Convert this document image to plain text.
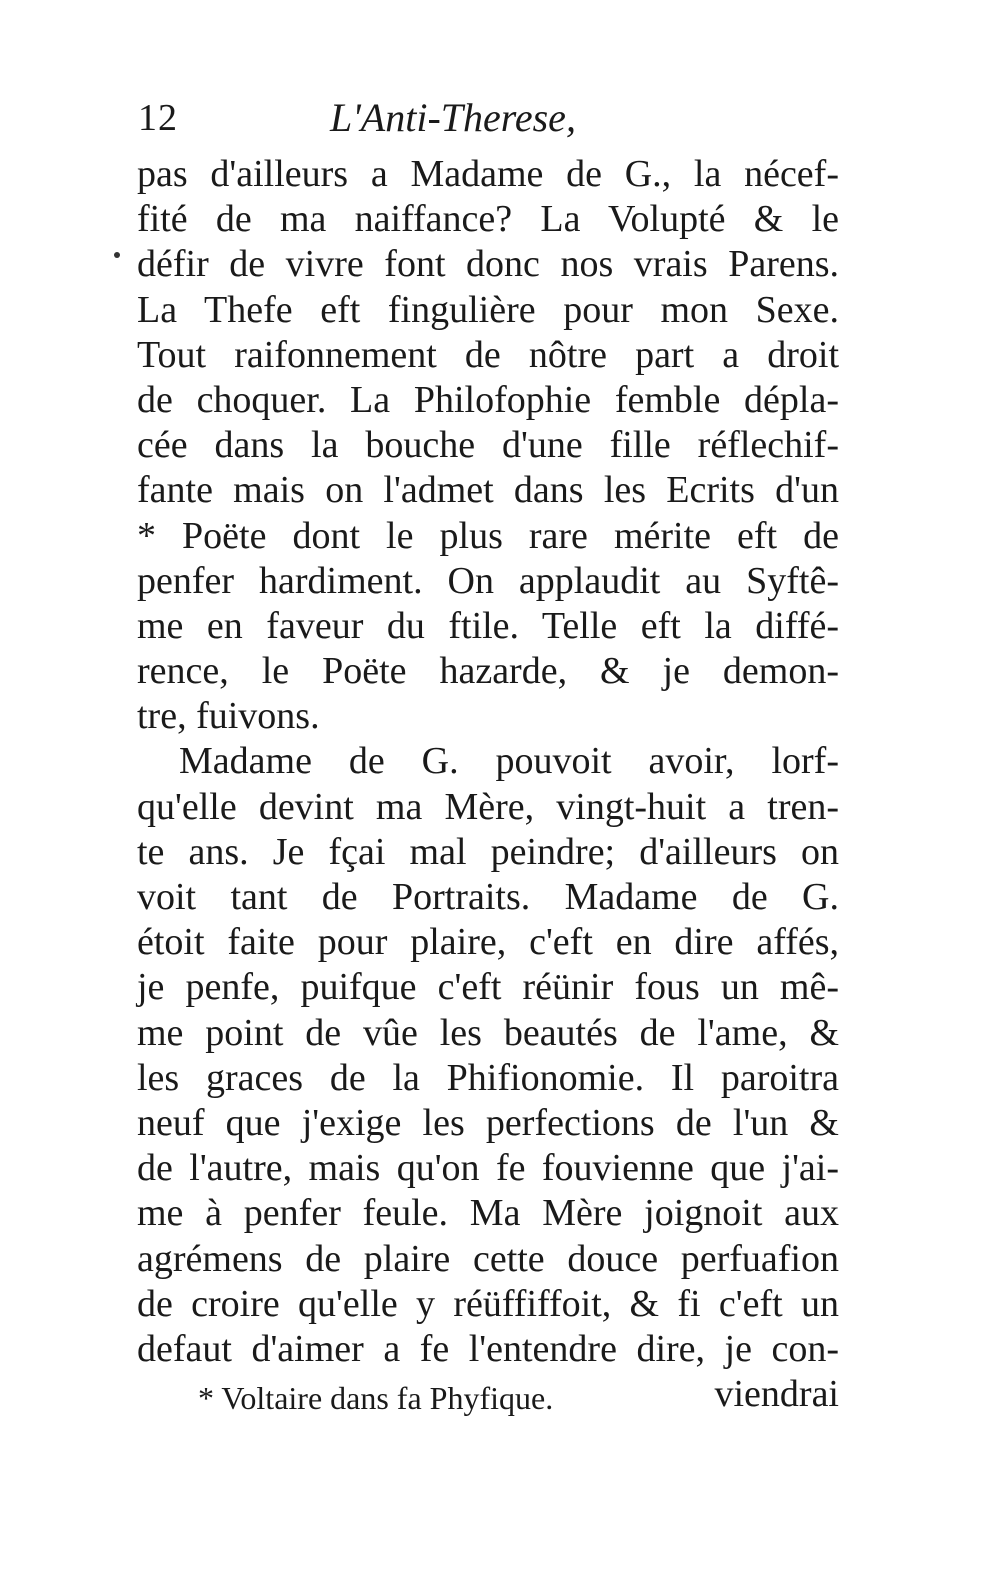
12	L'Anti-Therese,
pas d'ailleurs a Madame de G., la nécef-
fité de ma naiffance? La Volupté & le
défir de vivre font donc nos vrais Parens.
La Thefe eft fingulière pour mon Sexe.
Tout raifonnement de nôtre part a droit
de choquer. La Philofophie femble dépla-
cée dans la bouche d'une fille réflechif-
fante mais on l'admet dans les Ecrits d'un
* Poëte dont le plus rare mérite eft de
penfer hardiment. On applaudit au Syftê-
me en faveur du ftile. Telle eft la diffé-
rence, le Poëte hazarde, & je demon-
tre, fuivons.
Madame de G. pouvoit avoir, lorf-
qu'elle devint ma Mère, vingt-huit a tren-
te ans. Je fçai mal peindre; d'ailleurs on
voit tant de Portraits. Madame de G.
étoit faite pour plaire, c'eft en dire affés,
je penfe, puifque c'eft réünir fous un mê-
me point de vûe les beautés de l'ame, &
les graces de la Phifionomie. Il paroitra
neuf que j'exige les perfections de l'un &
de l'autre, mais qu'on fe fouvienne que j'ai-
me à penfer feule. Ma Mère joignoit aux
agrémens de plaire cette douce perfuafion
de croire qu'elle y réüffiffoit, & fi c'eft un
defaut d'aimer a fe l'entendre dire, je con-
viendrai
* Voltaire dans fa Phyfique.
